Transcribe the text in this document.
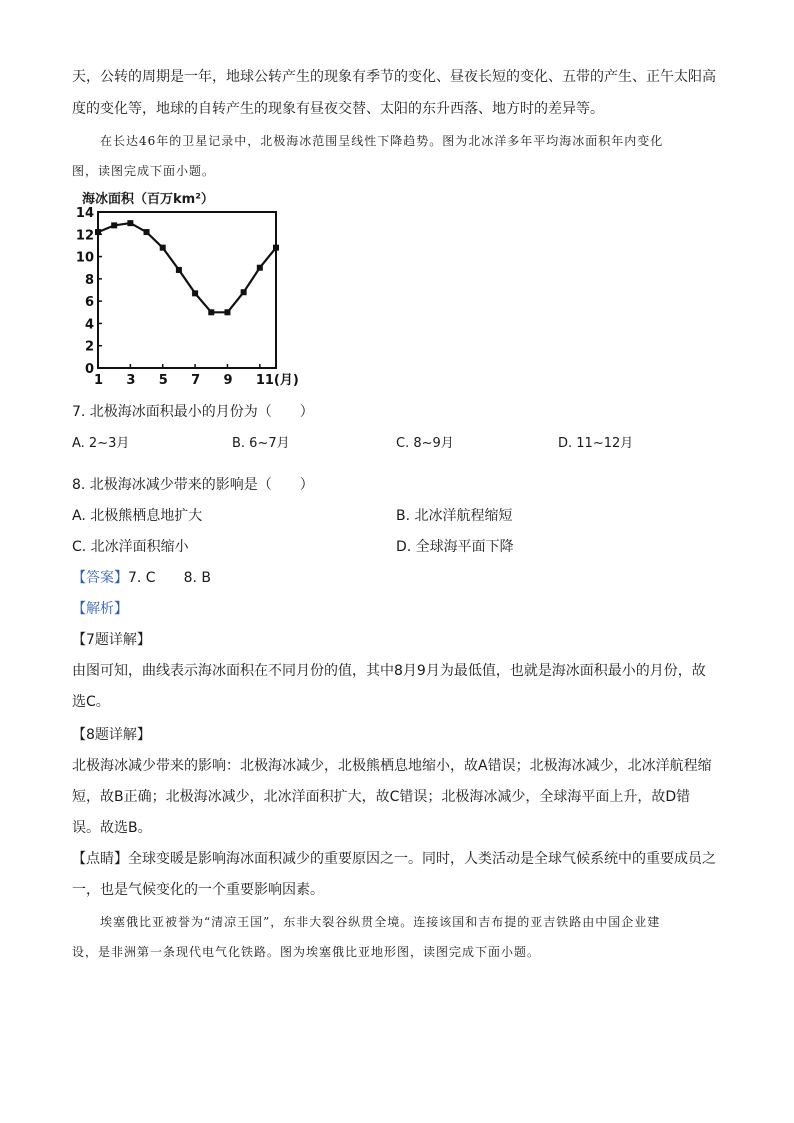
天，公转的周期是一年，地球公转产生的现象有季节的变化、昼夜长短的变化、五带的产生、正午太阳高
度的变化等，地球的自转产生的现象有昼夜交替、太阳的东升西落、地方时的差异等。
在长达46年的卫星记录中，北极海冰范围呈线性下降趋势。图为北冰洋多年平均海冰面积年内变化
图，读图完成下面小题。
海冰面积（百万km²）
0
2
4
6
8
10
12
14
1 3 5 7 9 11(月)
7. 北极海冰面积最小的月份为（　　）
A. 2~3月	B. 6~7月	C. 8~9月	D. 11~12月
8. 北极海冰减少带来的影响是（　　）
A. 北极熊栖息地扩大	B. 北冰洋航程缩短
C. 北冰洋面积缩小	D. 全球海平面下降
【答案】7. C　　8. B
【解析】
【7题详解】
由图可知，曲线表示海冰面积在不同月份的值，其中8月9月为最低值，也就是海冰面积最小的月份，故
选C。
【8题详解】
北极海冰减少带来的影响：北极海冰减少，北极熊栖息地缩小，故A错误；北极海冰减少，北冰洋航程缩
短，故B正确；北极海冰减少，北冰洋面积扩大，故C错误；北极海冰减少，全球海平面上升，故D错
误。故选B。
【点睛】全球变暖是影响海冰面积减少的重要原因之一。同时，人类活动是全球气候系统中的重要成员之
一，也是气候变化的一个重要影响因素。
埃塞俄比亚被誉为“清凉王国”，东非大裂谷纵贯全境。连接该国和吉布提的亚吉铁路由中国企业建
设，是非洲第一条现代电气化铁路。图为埃塞俄比亚地形图，读图完成下面小题。
